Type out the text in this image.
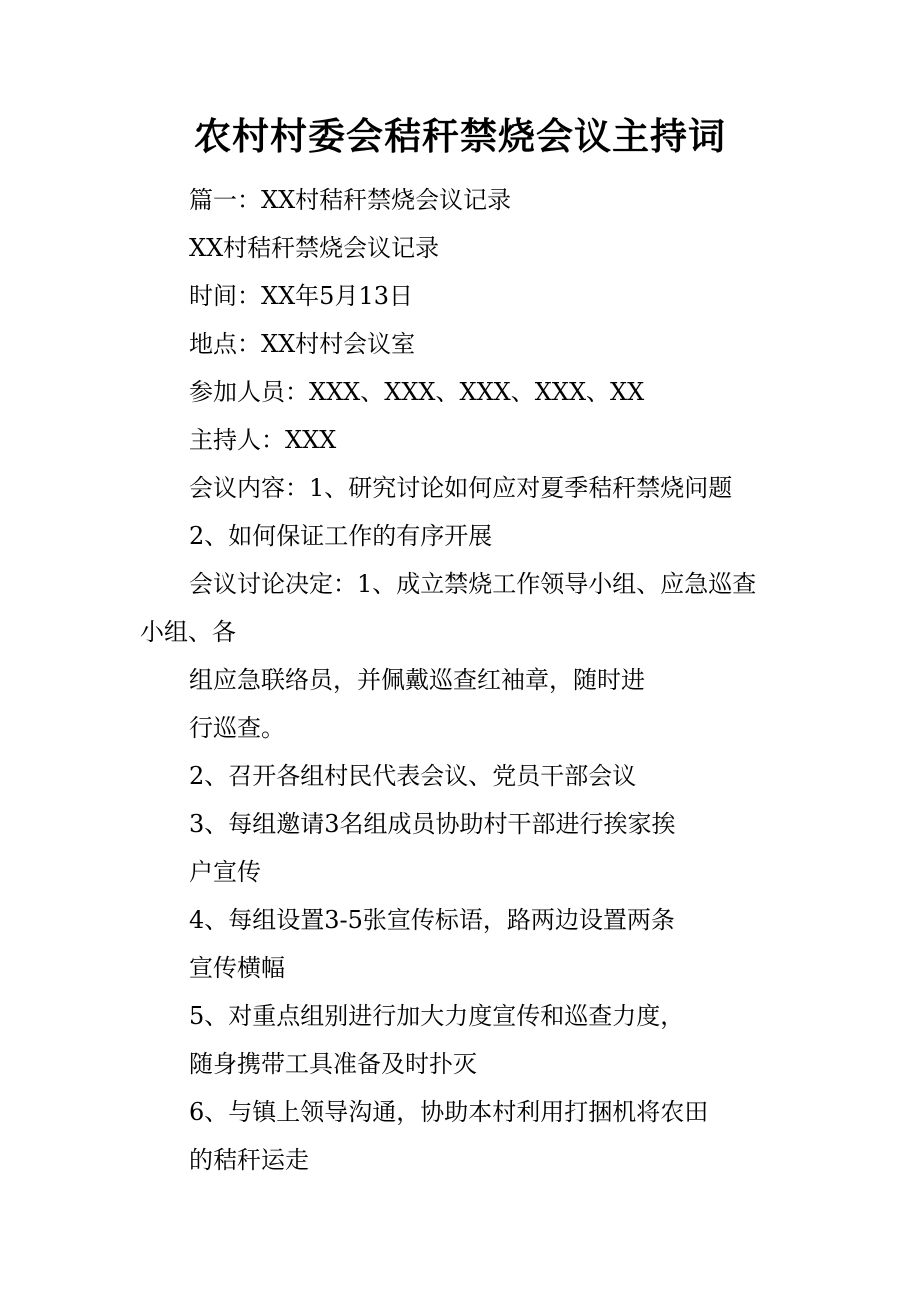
农村村委会秸秆禁烧会议主持词

篇一：XX村秸秆禁烧会议记录

XX村秸秆禁烧会议记录

时间：XX年5月13日

地点：XX村村会议室

参加人员：XXX、XXX、XXX、XXX、XX

主持人：XXX

会议内容：1、研究讨论如何应对夏季秸秆禁烧问题

2、如何保证工作的有序开展

会议讨论决定：1、成立禁烧工作领导小组、应急巡查

小组、各

组应急联络员，并佩戴巡查红袖章，随时进

行巡查。

2、召开各组村民代表会议、党员干部会议

3、每组邀请3名组成员协助村干部进行挨家挨

户宣传

4、每组设置3-5张宣传标语，路两边设置两条

宣传横幅

5、对重点组别进行加大力度宣传和巡查力度，

随身携带工具准备及时扑灭

6、与镇上领导沟通，协助本村利用打捆机将农田

的秸秆运走
